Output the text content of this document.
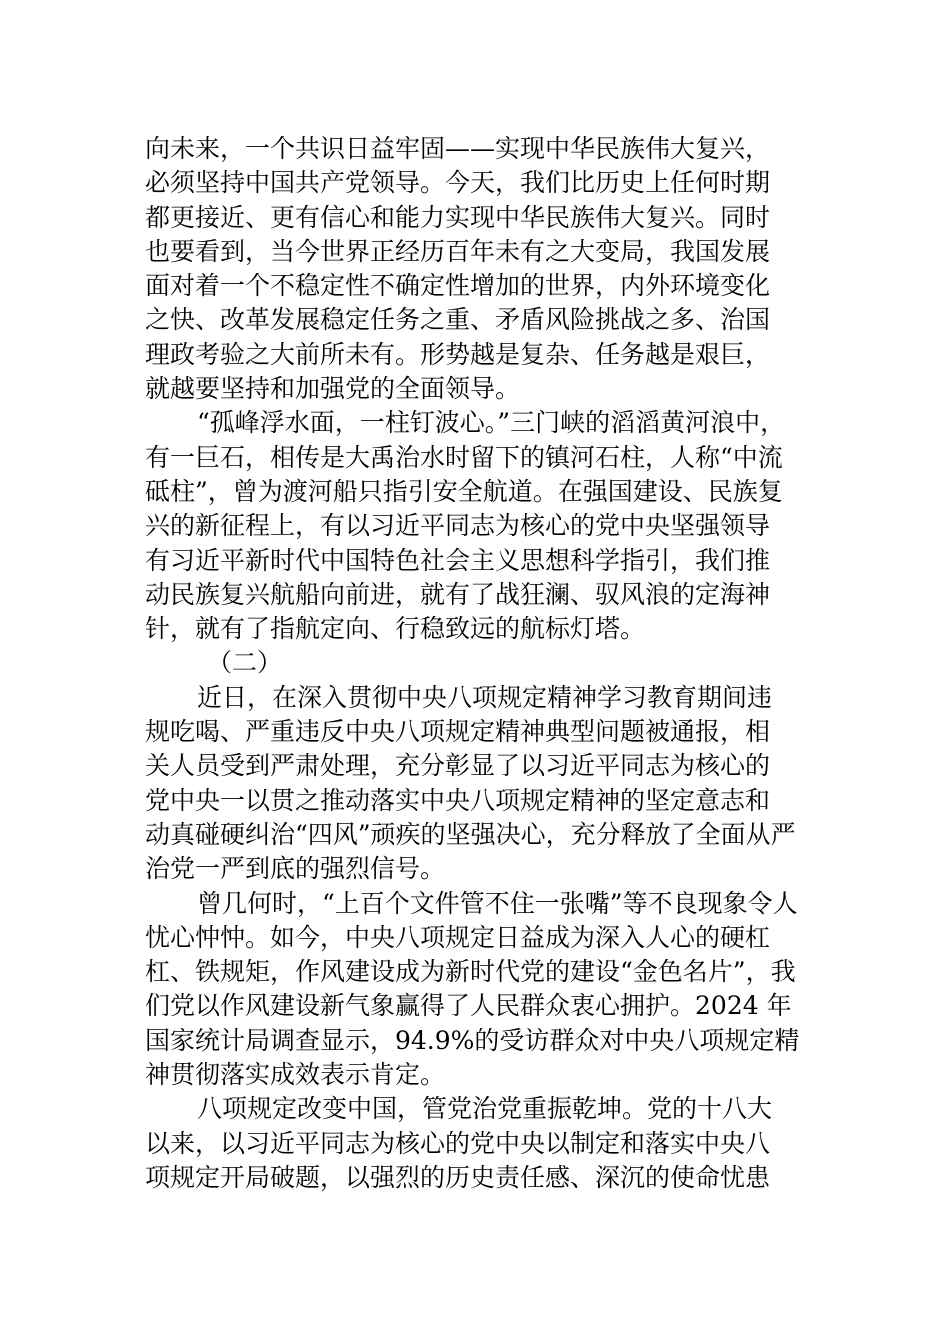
向未来，一个共识日益牢固——实现中华民族伟大复兴，
必须坚持中国共产党领导。今天，我们比历史上任何时期
都更接近、更有信心和能力实现中华民族伟大复兴。同时
也要看到，当今世界正经历百年未有之大变局，我国发展
面对着一个不稳定性不确定性增加的世界，内外环境变化
之快、改革发展稳定任务之重、矛盾风险挑战之多、治国
理政考验之大前所未有。形势越是复杂、任务越是艰巨，
就越要坚持和加强党的全面领导。
“孤峰浮水面，一柱钉波心。”三门峡的滔滔黄河浪中，
有一巨石，相传是大禹治水时留下的镇河石柱，人称“中流
砥柱”，曾为渡河船只指引安全航道。在强国建设、民族复
兴的新征程上，有以习近平同志为核心的党中央坚强领导
有习近平新时代中国特色社会主义思想科学指引，我们推
动民族复兴航船向前进，就有了战狂澜、驭风浪的定海神
针，就有了指航定向、行稳致远的航标灯塔。
（二）
近日，在深入贯彻中央八项规定精神学习教育期间违
规吃喝、严重违反中央八项规定精神典型问题被通报，相
关人员受到严肃处理，充分彰显了以习近平同志为核心的
党中央一以贯之推动落实中央八项规定精神的坚定意志和
动真碰硬纠治“四风”顽疾的坚强决心，充分释放了全面从严
治党一严到底的强烈信号。
曾几何时，“上百个文件管不住一张嘴”等不良现象令人
忧心忡忡。如今，中央八项规定日益成为深入人心的硬杠
杠、铁规矩，作风建设成为新时代党的建设“金色名片”，我
们党以作风建设新气象赢得了人民群众衷心拥护。2024 年
国家统计局调查显示，94.9%的受访群众对中央八项规定精
神贯彻落实成效表示肯定。
八项规定改变中国，管党治党重振乾坤。党的十八大
以来，以习近平同志为核心的党中央以制定和落实中央八
项规定开局破题，以强烈的历史责任感、深沉的使命忧患
